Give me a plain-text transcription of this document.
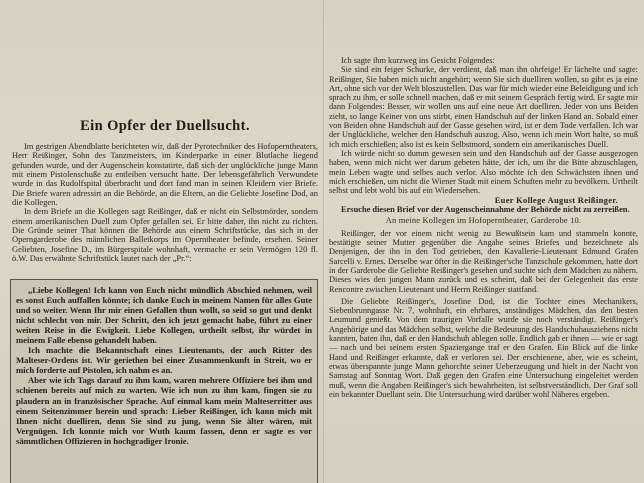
Ein Opfer der Duellsucht.

Im gestrigen Abendblatte berichteten wir, daß der Pyrotechniker des Hofoperntheaters, Herr Reißinger, Sohn des Tanzmeisters, im Kinderparke in einer Blutlache liegend gefunden wurde, und der Augenschein konstatirte, daß sich der unglückliche junge Mann mit einem Pistolenschuße zu entleiben versucht hatte. Der lebensgefährlich Verwundete wurde in das Rudolfspital überbracht und dort fand man in seinen Kleidern vier Briefe. Die Briefe waren adressirt an die Behörde, an die Eltern, an die Geliebte Josefine Dod, an die Kollegen.

In dem Briefe an die Kollegen sagt Reißinger, daß er nicht ein Selbstmörder, sondern einem amerikanischen Duell zum Opfer gefallen sei. Er bitte daher, ihn nicht zu richten. Die Gründe seiner That können die Behörde aus einem Schriftstücke, das sich in der Operngarderobe des männlichen Balletkorps im Operntheater befinde, ersehen. Seiner Geliebten, Josefine D., im Bürgerspitale wohnhaft, vermache er sein Vermögen 120 fl. ö.W. Das erwähnte Schriftstück lautet nach der „Pr.“:

„Liebe Kollegen! Ich kann von Euch nicht mündlich Abschied nehmen, weil es sonst Euch auffallen könnte; ich danke Euch in meinem Namen für alles Gute und so weiter. Wenn Ihr mir einen Gefallen thun wollt, so seid so gut und denkt nicht schlecht von mir. Der Schritt, den ich jetzt gemacht habe, führt zu einer weiten Reise in die Ewigkeit. Liebe Kollegen, urtheilt selbst, ihr würdet in meinem Falle ebenso gehandelt haben.

Ich machte die Bekanntschaft eines Lieutenants, der auch Ritter des Malteser-Ordens ist. Wir geriethen bei einer Zusammenkunft in Streit, wo er mich forderte auf Pistolen, ich nahm es an.

Aber wie ich Tags darauf zu ihm kam, waren mehrere Offiziere bei ihm und schienen bereits auf mich zu warten. Wie ich nun zu ihm kam, fingen sie zu plaudern an in französischer Sprache. Auf einmal kam mein Malteserritter aus einem Seitenzimmer herein und sprach: Lieber Reißinger, ich kann mich mit Ihnen nicht duelliren, denn Sie sind zu jung, wenn Sie älter wären, mit Vergnügen. Ich konnte mich vor Wuth kaum fassen, denn er sagte es vor sämmtlichen Offizieren in hochgradiger Ironie.

Ich sagte ihm kurzweg ins Gesicht Folgendes:

Sie sind ein feiger Schurke, der verdient, daß man ihn ohrfeige! Er lächelte und sagte: Reißinger, Sie haben mich nicht angehört; wenn Sie sich duelliren wollen, so gibt es ja eine Art, ohne sich vor der Welt bloszustellen. Das war für mich wieder eine Beleidigung und ich sprach zu ihm, er solle schnell machen, daß er mit seinem Gespräch fertig wird. Er sagte mir dann Folgendes: Besser, wir wollen uns auf eine neue Art duelliren. Jeder von uns Beiden zieht, so lange Keiner von uns stirbt, einen Handschuh auf der linken Hand an. Sobald einer von Beiden ohne Handschuh auf der Gasse gesehen wird, ist er dem Tode verfallen. Ich war der Unglückliche, welcher den Handschuh auszog. Also, wenn ich mein Wort halte, so muß ich mich erschießen; also ist es kein Selbstmord, sondern ein amerikanisches Duell.

Ich würde nicht so dumm gewesen sein und den Handschuh auf der Gasse ausgezogen haben, wenn mich nicht wer darum gebeten hätte, der ich, um ihr die Bitte abzuschlagen, mein Leben wagte und selbes auch verlor. Also möchte ich den Schwächsten ihnen und mich erschießen, um nicht die Wiener Stadt mit einem Schuften mehr zu bevölkern. Urtheilt selbst und lebt wohl bis auf ein Wiedersehen.

Euer Kollege August Reißinger.

Ersuche diesen Brief vor der Augenscheinnahme der Behörde nicht zu zerreißen.

An meine Kollegen im Hofoperntheater, Garderobe 10.

Reißinger, der vor einem nicht wenig zu Bewußtsein kam und stammeln konnte, bestätigte seiner Mutter gegenüber die Angabe seines Briefes und bezeichnete als Denjenigen, der ihn in den Tod getrieben, den Kavallerie-Lieutenant Edmund Grafen Sarcelli v. Ernes. Derselbe war öfter in die Reißinger'sche Tanzschule gekommen, hatte dort in der Garderobe die Geliebte Reißinger's gesehen und suchte sich dem Mädchen zu nähern. Dieses wies den jungen Mann zurück und es scheint, daß bei der Gelegenheit das erste Rencontre zwischen Lieutenant und Herrn Reißinger stattfand.

Die Geliebte Reißinger's, Josefine Dod, ist die Tochter eines Mechanikers, Siebenbrunngasse Nr. 7, wohnhaft, ein ehrbares, anständiges Mädchen, das den besten Leumund genießt. Von dem traurigen Vorfalle wurde sie noch verständigt. Reißinger's Angehörige und das Mädchen selbst, welche die Bedeutung des Handschuhausziehens nicht kannten, baten ihn, daß er den Handschuh ablegen solle. Endlich gab er ihnen — wie er sagt — nach und bei seinem ersten Spaziergange traf er den Grafen. Ein Blick auf die linke Hand und Reißinger erkannte, daß er verloren sei. Der erschienene, aber, wie es scheint, etwas überspannte junge Mann gehorchte seiner Ueberzeugung und hielt in der Nacht von Samstag auf Sonntag Wort. Daß gegen den Grafen eine Untersuchung eingeleitet werden muß, wenn die Angaben Reißinger's sich bewahrheiten, ist selbstverständlich. Der Graf soll ein bekannter Duellant sein. Die Untersuchung wird darüber wohl Näheres ergeben.
